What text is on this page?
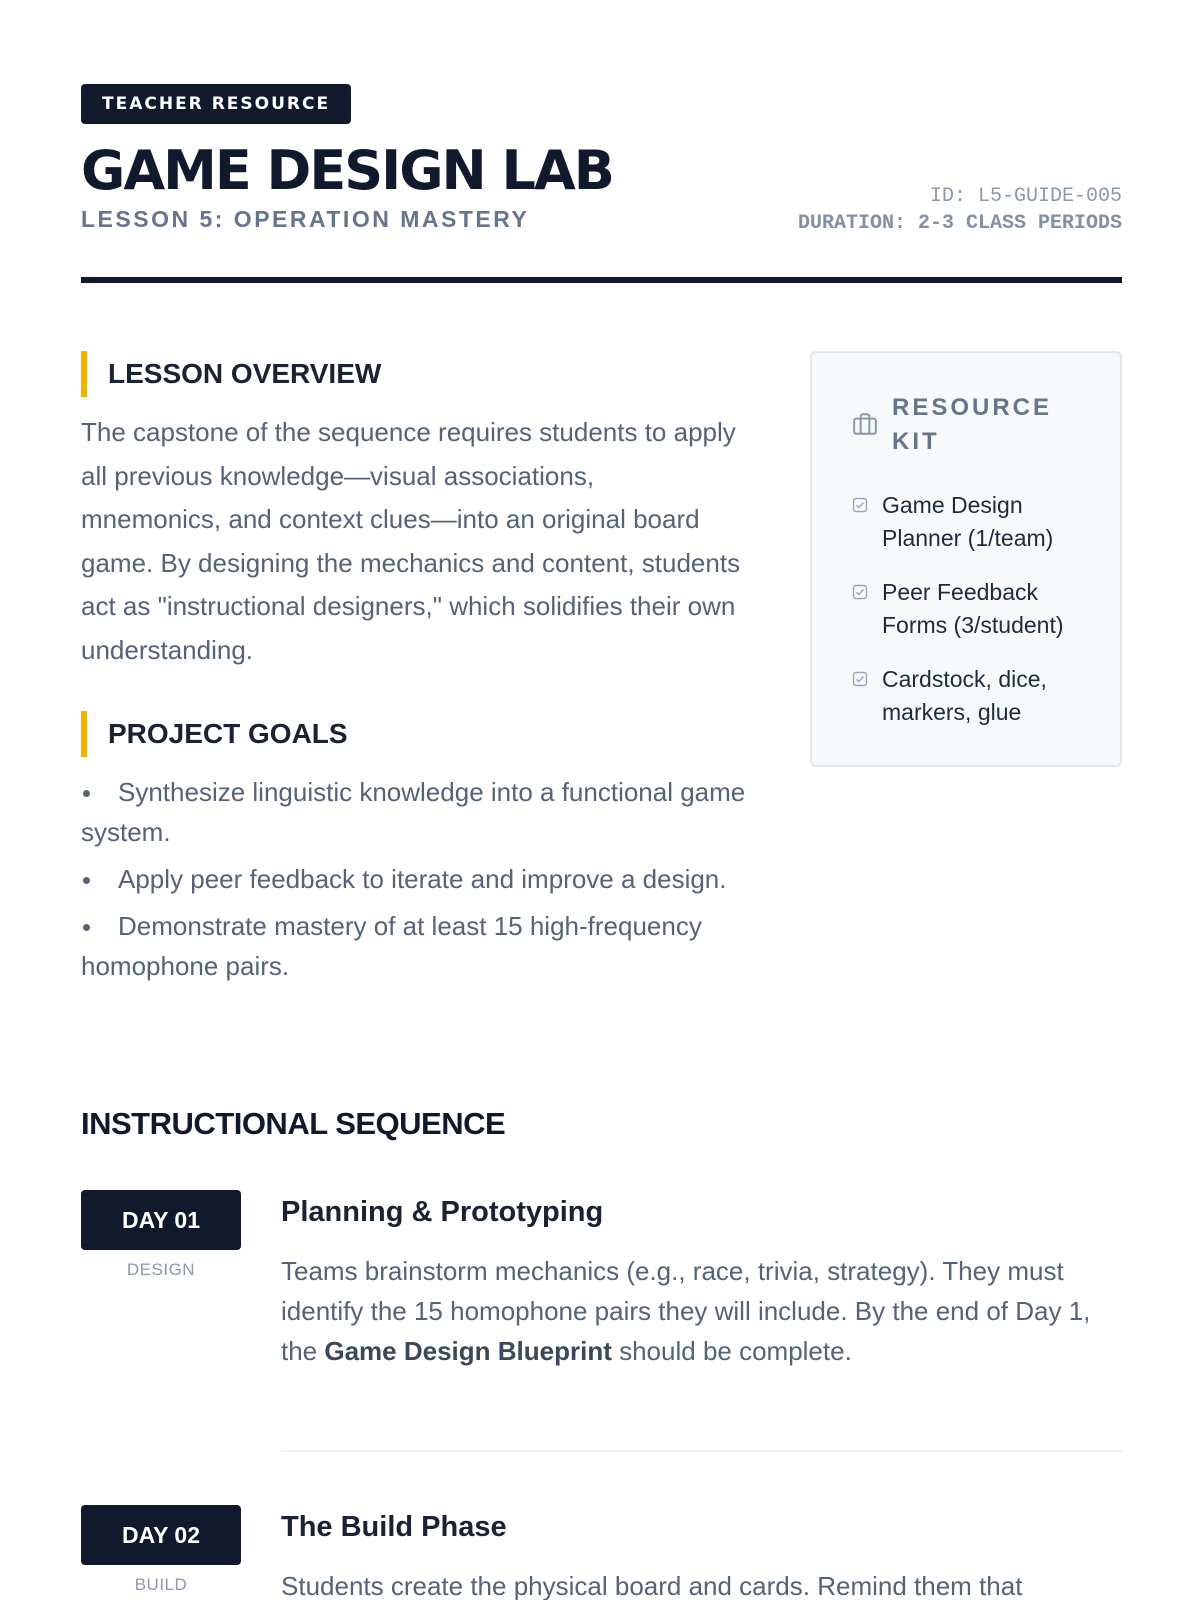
TEACHER RESOURCE
GAME DESIGN LAB
LESSON 5: OPERATION MASTERY
ID: L5-GUIDE-005
DURATION: 2-3 CLASS PERIODS
LESSON OVERVIEW

The capstone of the sequence requires students to apply all previous knowledge—visual associations, mnemonics, and context clues—into an original board game. By designing the mechanics and content, students act as "instructional designers," which solidifies their own understanding.

PROJECT GOALS
Synthesize linguistic knowledge into a functional game system.
Apply peer feedback to iterate and improve a design.
Demonstrate mastery of at least 15 high-frequency homophone pairs.
RESOURCE KIT
Game Design Planner (1/team)
Peer Feedback Forms (3/student)
Cardstock, dice, markers, glue
INSTRUCTIONAL SEQUENCE
DAY 01
DESIGN
Planning & Prototyping

Teams brainstorm mechanics (e.g., race, trivia, strategy). They must identify the 15 homophone pairs they will include. By the end of Day 1, the Game Design Blueprint should be complete.

DAY 02
BUILD
The Build Phase

Students create the physical board and cards. Remind them that
